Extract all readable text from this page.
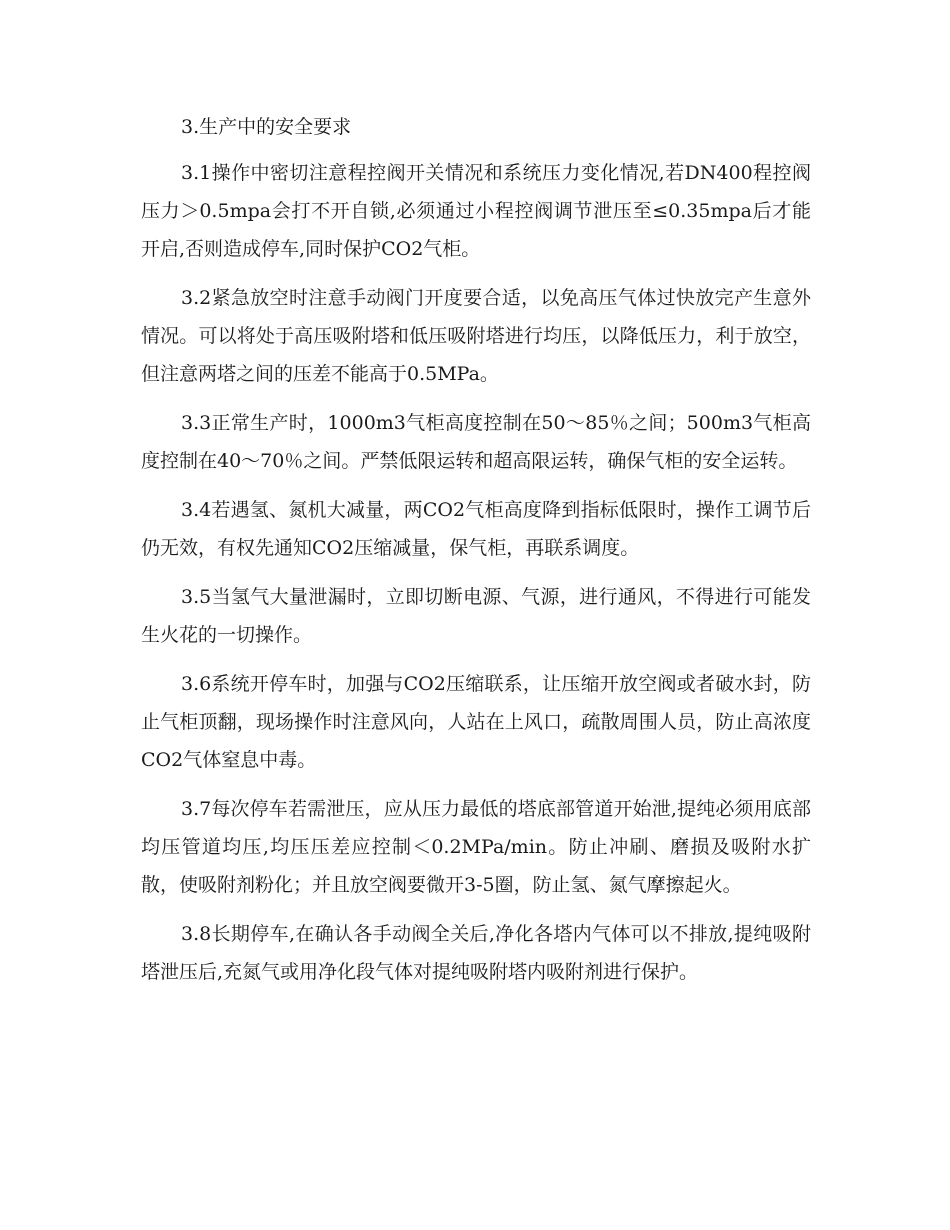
3.生产中的安全要求

3.1操作中密切注意程控阀开关情况和系统压力变化情况,若DN400程控阀压力＞0.5mpa会打不开自锁,必须通过小程控阀调节泄压至≤0.35mpa后才能开启,否则造成停车,同时保护CO2气柜。

3.2紧急放空时注意手动阀门开度要合适，以免高压气体过快放完产生意外情况。可以将处于高压吸附塔和低压吸附塔进行均压，以降低压力，利于放空，但注意两塔之间的压差不能高于0.5MPa。

3.3正常生产时，1000m3气柜高度控制在50～85％之间；500m3气柜高度控制在40～70％之间。严禁低限运转和超高限运转，确保气柜的安全运转。

3.4若遇氢、氮机大减量，两CO2气柜高度降到指标低限时，操作工调节后仍无效，有权先通知CO2压缩减量，保气柜，再联系调度。

3.5当氢气大量泄漏时，立即切断电源、气源，进行通风，不得进行可能发生火花的一切操作。

3.6系统开停车时，加强与CO2压缩联系，让压缩开放空阀或者破水封，防止气柜顶翻，现场操作时注意风向，人站在上风口，疏散周围人员，防止高浓度CO2气体窒息中毒。

3.7每次停车若需泄压，应从压力最低的塔底部管道开始泄,提纯必须用底部均压管道均压,均压压差应控制＜0.2MPa/min。防止冲刷、磨损及吸附水扩散，使吸附剂粉化；并且放空阀要微开3-5圈，防止氢、氮气摩擦起火。

3.8长期停车,在确认各手动阀全关后,净化各塔内气体可以不排放,提纯吸附塔泄压后,充氮气或用净化段气体对提纯吸附塔内吸附剂进行保护。
